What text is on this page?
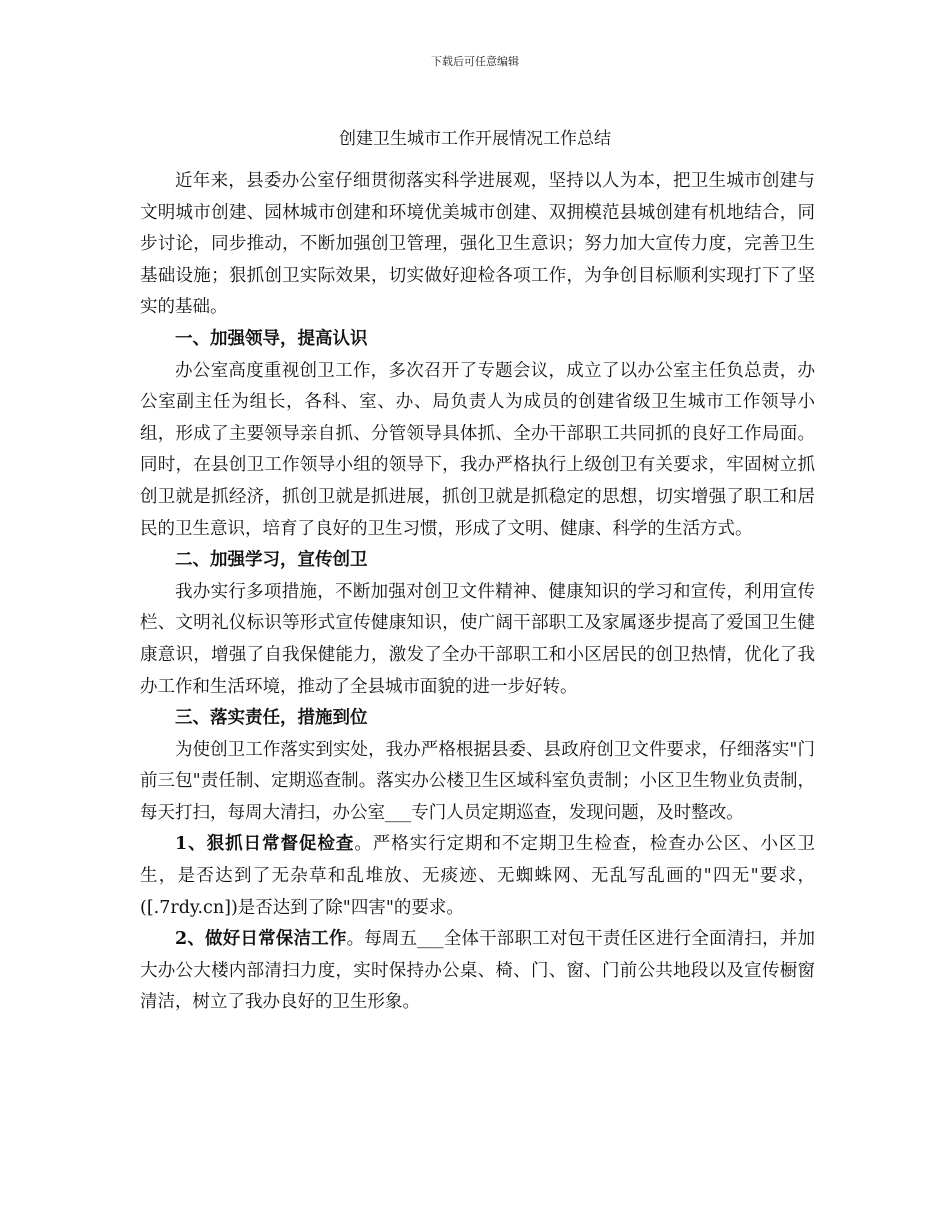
下载后可任意编辑
创建卫生城市工作开展情况工作总结

近年来，县委办公室仔细贯彻落实科学进展观，坚持以人为本，把卫生城市创建与文明城市创建、园林城市创建和环境优美城市创建、双拥模范县城创建有机地结合，同步讨论，同步推动，不断加强创卫管理，强化卫生意识；努力加大宣传力度，完善卫生基础设施；狠抓创卫实际效果，切实做好迎检各项工作，为争创目标顺利实现打下了坚实的基础。

一、加强领导，提高认识

办公室高度重视创卫工作，多次召开了专题会议，成立了以办公室主任负总责，办公室副主任为组长，各科、室、办、局负责人为成员的创建省级卫生城市工作领导小组，形成了主要领导亲自抓、分管领导具体抓、全办干部职工共同抓的良好工作局面。同时，在县创卫工作领导小组的领导下，我办严格执行上级创卫有关要求，牢固树立抓创卫就是抓经济，抓创卫就是抓进展，抓创卫就是抓稳定的思想，切实增强了职工和居民的卫生意识，培育了良好的卫生习惯，形成了文明、健康、科学的生活方式。

二、加强学习，宣传创卫

我办实行多项措施，不断加强对创卫文件精神、健康知识的学习和宣传，利用宣传栏、文明礼仪标识等形式宣传健康知识，使广阔干部职工及家属逐步提高了爱国卫生健康意识，增强了自我保健能力，激发了全办干部职工和小区居民的创卫热情，优化了我办工作和生活环境，推动了全县城市面貌的进一步好转。

三、落实责任，措施到位

为使创卫工作落实到实处，我办严格根据县委、县政府创卫文件要求，仔细落实"门前三包"责任制、定期巡查制。落实办公楼卫生区域科室负责制；小区卫生物业负责制，每天打扫，每周大清扫，办公室___专门人员定期巡查，发现问题，及时整改。

1、狠抓日常督促检查。严格实行定期和不定期卫生检查，检查办公区、小区卫生，是否达到了无杂草和乱堆放、无痰迹、无蜘蛛网、无乱写乱画的"四无"要求，([.7rdy.cn])是否达到了除"四害"的要求。

2、做好日常保洁工作。每周五___全体干部职工对包干责任区进行全面清扫，并加大办公大楼内部清扫力度，实时保持办公桌、椅、门、窗、门前公共地段以及宣传橱窗清洁，树立了我办良好的卫生形象。
